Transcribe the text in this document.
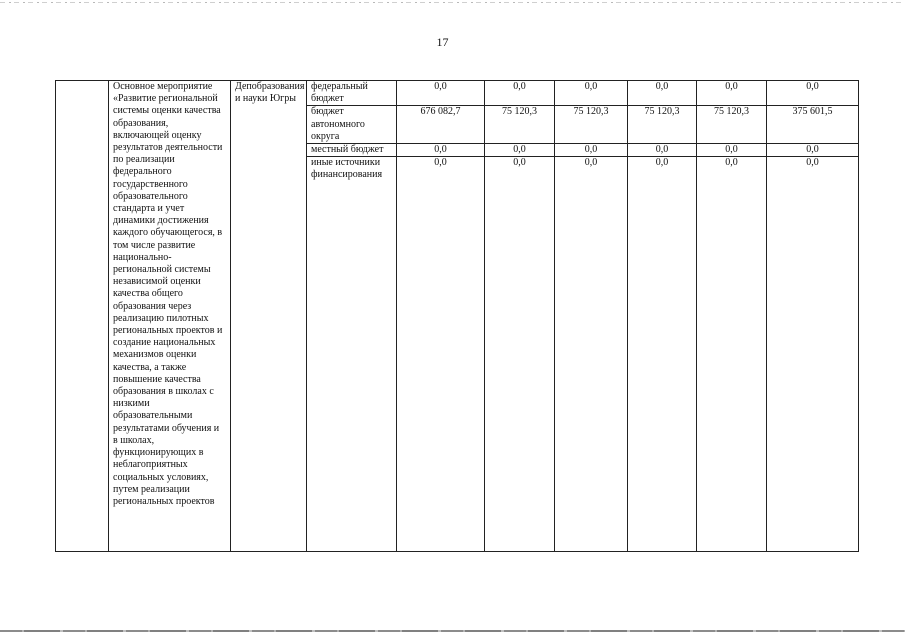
17
	Основное мероприятие «Развитие региональной системы оценки качества образования, включающей оценку результатов деятельности по реализации федерального государственного образовательного стандарта и учет динамики достижения каждого обучающегося, в том числе развитие национально-региональной системы независимой оценки качества общего образования через реализацию пилотных региональных проектов и создание национальных механизмов оценки качества, а также повышение качества образования в школах с низкими образовательными результатами обучения и в школах, функционирующих в неблагоприятных социальных условиях, путем реализации региональных проектов	Депобразования и науки Югры	федеральный бюджет	0,0	0,0	0,0	0,0	0,0	0,0
			бюджет автономного округа	676 082,7	75 120,3	75 120,3	75 120,3	75 120,3	375 601,5
			местный бюджет	0,0	0,0	0,0	0,0	0,0	0,0
			иные источники финансирования	0,0	0,0	0,0	0,0	0,0	0,0
